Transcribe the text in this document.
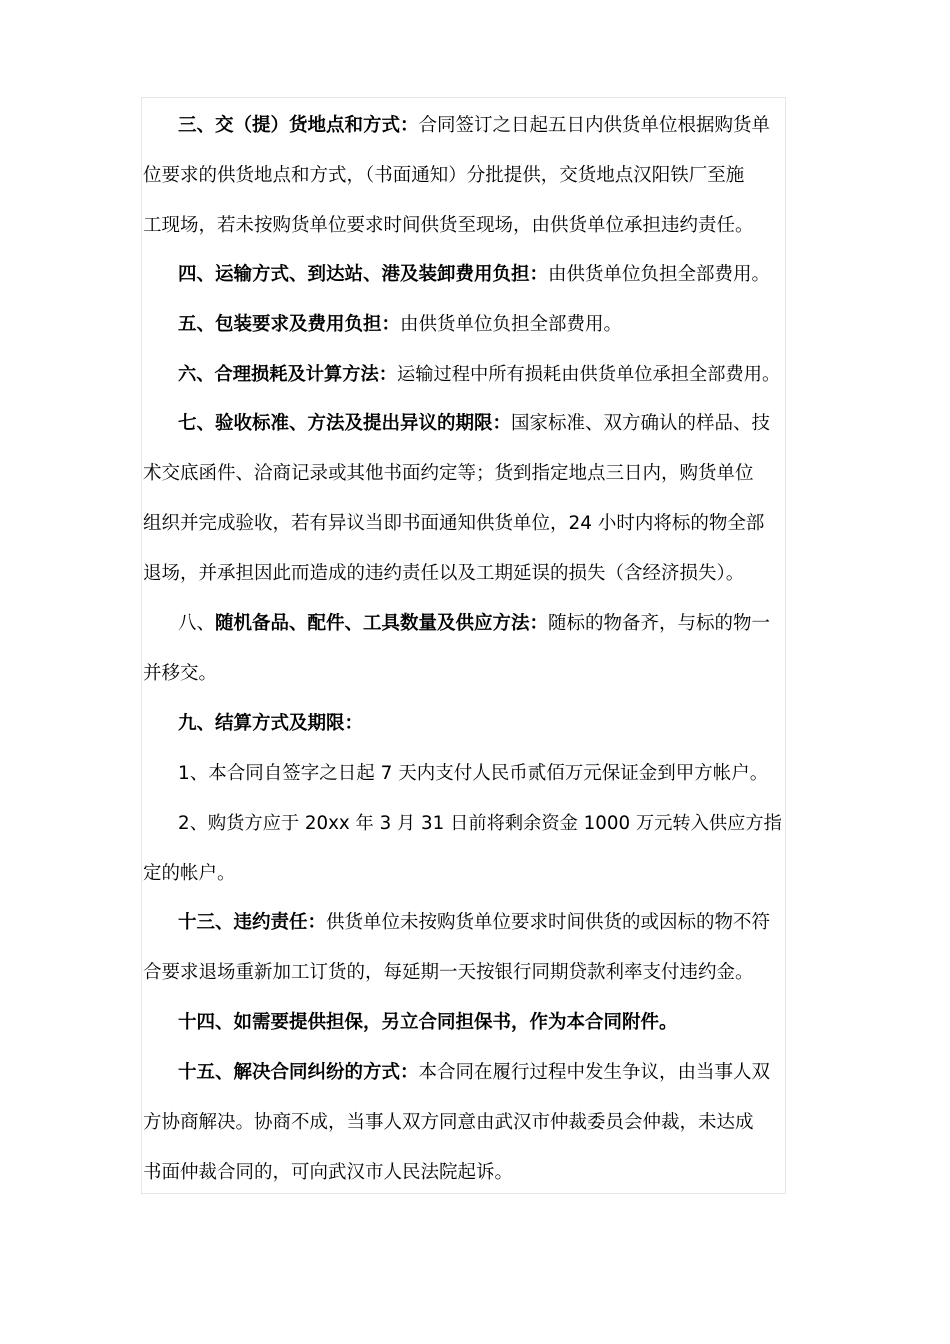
三、交（提）货地点和方式：合同签订之日起五日内供货单位根据购货单
位要求的供货地点和方式，（书面通知）分批提供，交货地点汉阳铁厂至施
工现场，若未按购货单位要求时间供货至现场，由供货单位承担违约责任。
四、运输方式、到达站、港及装卸费用负担：由供货单位负担全部费用。
五、包装要求及费用负担：由供货单位负担全部费用。
六、合理损耗及计算方法：运输过程中所有损耗由供货单位承担全部费用。
七、验收标准、方法及提出异议的期限：国家标准、双方确认的样品、技
术交底函件、洽商记录或其他书面约定等；货到指定地点三日内，购货单位
组织并完成验收，若有异议当即书面通知供货单位，24 小时内将标的物全部
退场，并承担因此而造成的违约责任以及工期延误的损失（含经济损失）。
八、随机备品、配件、工具数量及供应方法：随标的物备齐，与标的物一
并移交。
九、结算方式及期限：
1、本合同自签字之日起 7 天内支付人民币贰佰万元保证金到甲方帐户。
2、购货方应于 20xx 年 3 月 31 日前将剩余资金 1000 万元转入供应方指
定的帐户。
十三、违约责任：供货单位未按购货单位要求时间供货的或因标的物不符
合要求退场重新加工订货的，每延期一天按银行同期贷款利率支付违约金。
十四、如需要提供担保，另立合同担保书，作为本合同附件。
十五、解决合同纠纷的方式：本合同在履行过程中发生争议，由当事人双
方协商解决。协商不成，当事人双方同意由武汉市仲裁委员会仲裁，未达成
书面仲裁合同的，可向武汉市人民法院起诉。
